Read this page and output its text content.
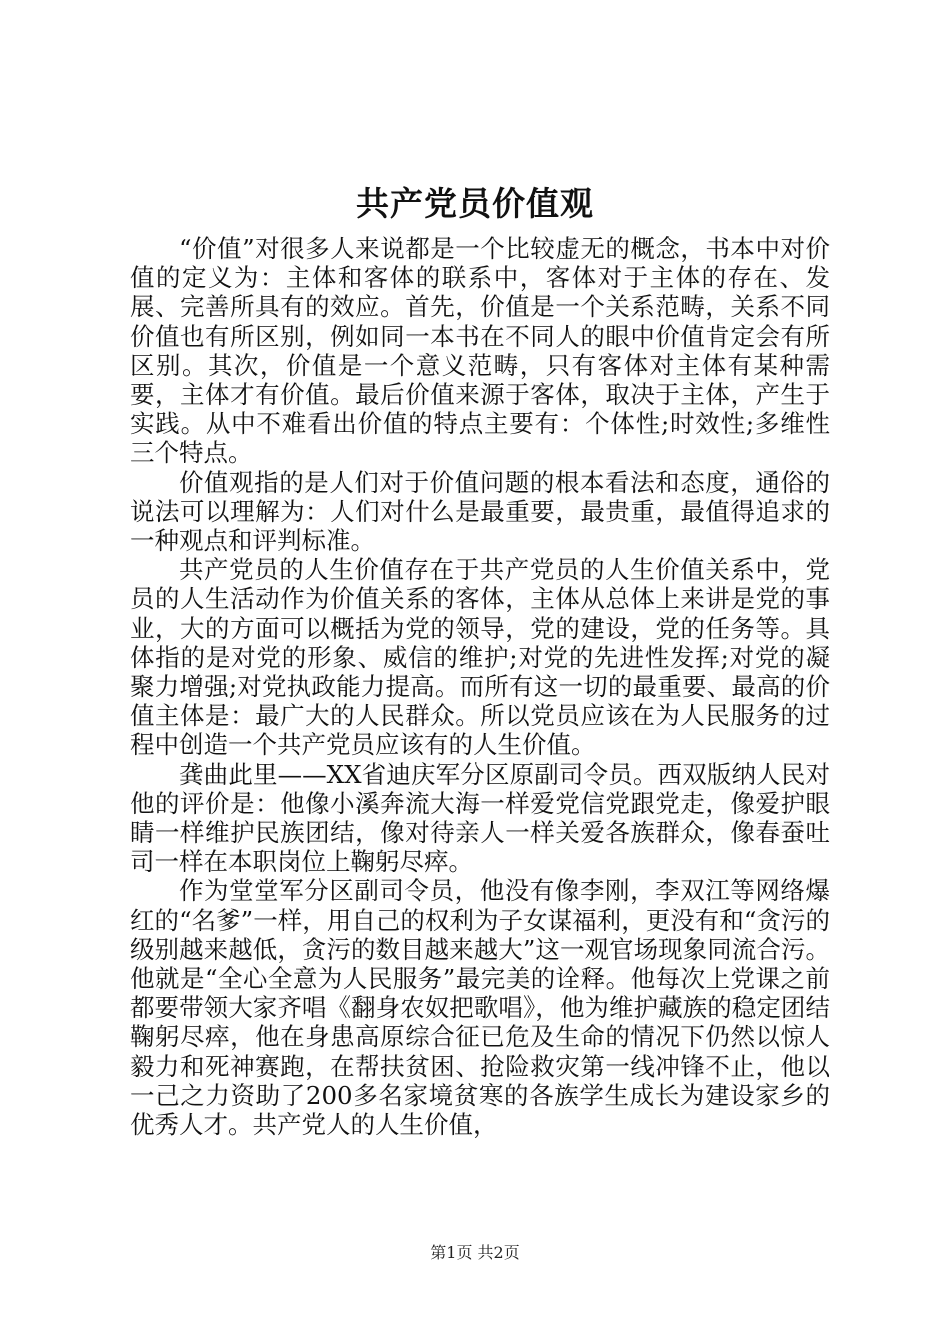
共产党员价值观

“价值”对很多人来说都是一个比较虚无的概念，书本中对价值的定义为：主体和客体的联系中，客体对于主体的存在、发展、完善所具有的效应。首先，价值是一个关系范畴，关系不同价值也有所区别，例如同一本书在不同人的眼中价值肯定会有所区别。其次，价值是一个意义范畴，只有客体对主体有某种需要，主体才有价值。最后价值来源于客体，取决于主体，产生于实践。从中不难看出价值的特点主要有：个体性;时效性;多维性三个特点。

价值观指的是人们对于价值问题的根本看法和态度，通俗的说法可以理解为：人们对什么是最重要，最贵重，最值得追求的一种观点和评判标准。

共产党员的人生价值存在于共产党员的人生价值关系中，党员的人生活动作为价值关系的客体，主体从总体上来讲是党的事业，大的方面可以概括为党的领导，党的建设，党的任务等。具体指的是对党的形象、威信的维护;对党的先进性发挥;对党的凝聚力增强;对党执政能力提高。而所有这一切的最重要、最高的价值主体是：最广大的人民群众。所以党员应该在为人民服务的过程中创造一个共产党员应该有的人生价值。

龚曲此里——XX省迪庆军分区原副司令员。西双版纳人民对他的评价是：他像小溪奔流大海一样爱党信党跟党走，像爱护眼睛一样维护民族团结，像对待亲人一样关爱各族群众，像春蚕吐司一样在本职岗位上鞠躬尽瘁。

作为堂堂军分区副司令员，他没有像李刚，李双江等网络爆红的“名爹”一样，用自己的权利为子女谋福利，更没有和“贪污的级别越来越低，贪污的数目越来越大”这一观官场现象同流合污。他就是“全心全意为人民服务”最完美的诠释。他每次上党课之前都要带领大家齐唱《翻身农奴把歌唱》，他为维护藏族的稳定团结鞠躬尽瘁，他在身患高原综合征已危及生命的情况下仍然以惊人毅力和死神赛跑，在帮扶贫困、抢险救灾第一线冲锋不止，他以一己之力资助了200多名家境贫寒的各族学生成长为建设家乡的优秀人才。共产党人的人生价值，

第1页 共2页
